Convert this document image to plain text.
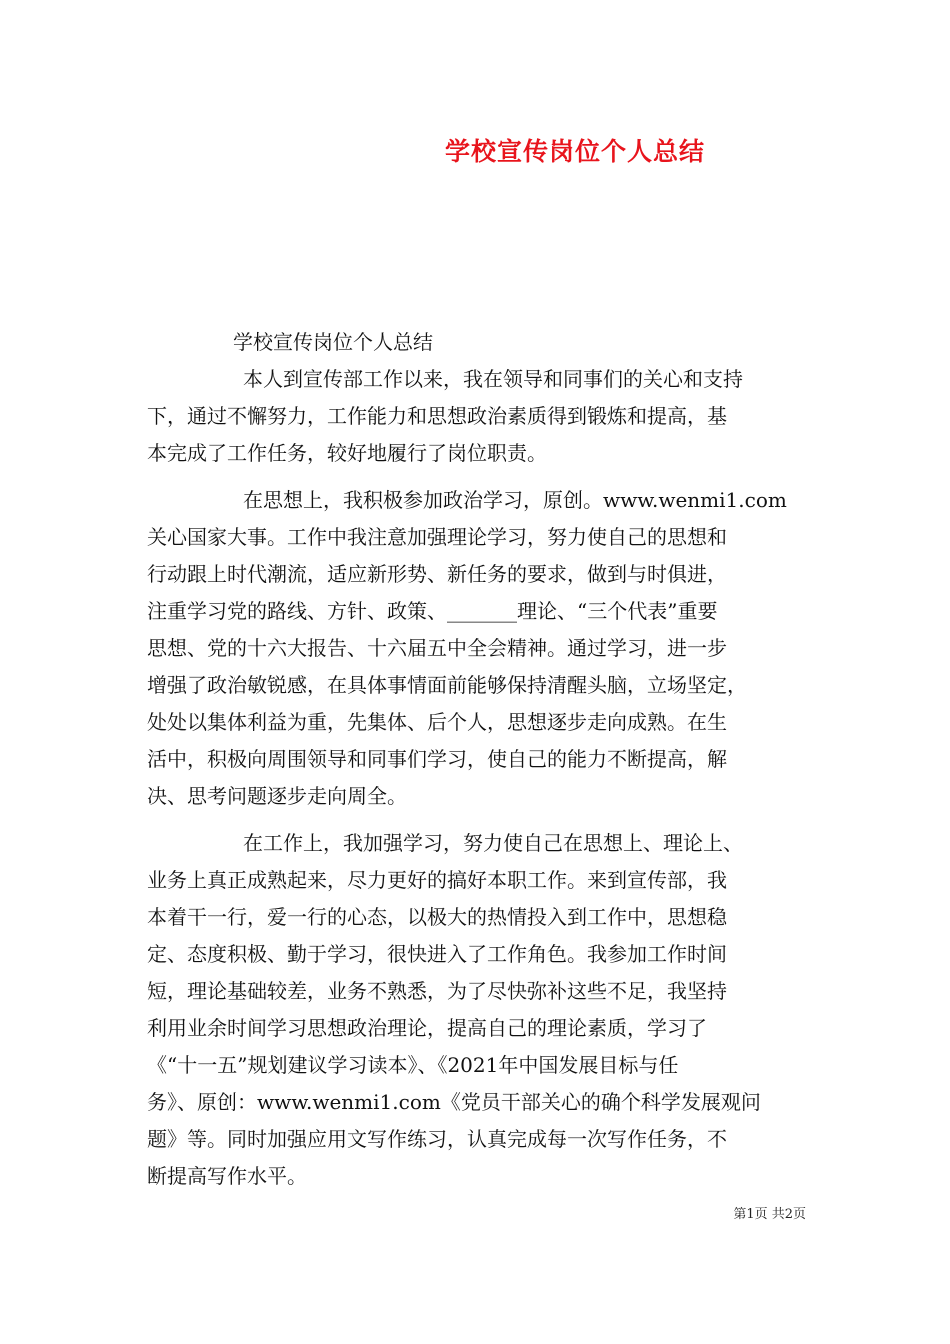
学校宣传岗位个人总结
学校宣传岗位个人总结
本人到宣传部工作以来，我在领导和同事们的关心和支持
下，通过不懈努力，工作能力和思想政治素质得到锻炼和提高，基
本完成了工作任务，较好地履行了岗位职责。
在思想上，我积极参加政治学习，原创。www.wenmi1.com
关心国家大事。工作中我注意加强理论学习，努力使自己的思想和
行动跟上时代潮流，适应新形势、新任务的要求，做到与时俱进，
注重学习党的路线、方针、政策、_______理论、“三个代表”重要
思想、党的十六大报告、十六届五中全会精神。通过学习，进一步
增强了政治敏锐感，在具体事情面前能够保持清醒头脑，立场坚定，
处处以集体利益为重，先集体、后个人，思想逐步走向成熟。在生
活中，积极向周围领导和同事们学习，使自己的能力不断提高，解
决、思考问题逐步走向周全。
在工作上，我加强学习，努力使自己在思想上、理论上、
业务上真正成熟起来，尽力更好的搞好本职工作。来到宣传部，我
本着干一行，爱一行的心态，以极大的热情投入到工作中，思想稳
定、态度积极、勤于学习，很快进入了工作角色。我参加工作时间
短，理论基础较差，业务不熟悉，为了尽快弥补这些不足，我坚持
利用业余时间学习思想政治理论，提高自己的理论素质，学习了
《“十一五”规划建议学习读本》、《2021年中国发展目标与任
务》、原创：www.wenmi1.com《党员干部关心的确个科学发展观问
题》等。同时加强应用文写作练习，认真完成每一次写作任务，不
断提高写作水平。
第1页 共2页
